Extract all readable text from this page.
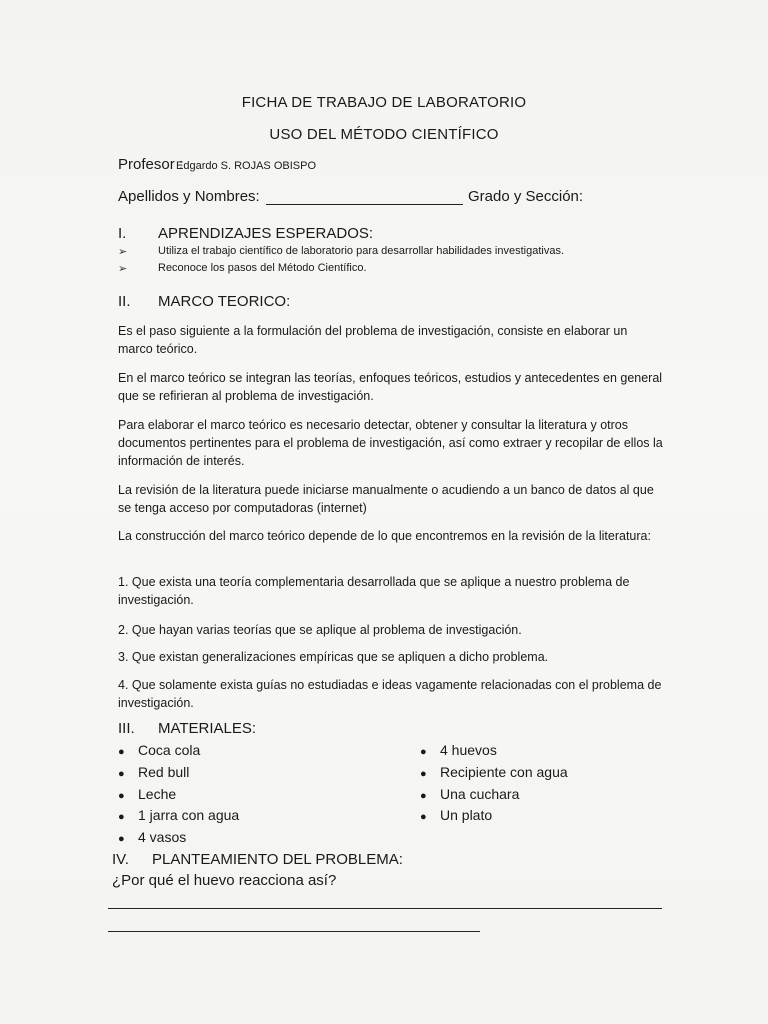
FICHA DE TRABAJO DE LABORATORIO
USO DEL MÉTODO CIENTÍFICO
Profesor :
Edgardo S. ROJAS OBISPO
Apellidos y Nombres:	Grado y Sección:
I. APRENDIZAJES ESPERADOS:
➢	Utiliza el trabajo científico de laboratorio para desarrollar habilidades investigativas.
➢	Reconoce los pasos del Método Científico.
II. MARCO TEORICO:
Es el paso siguiente a la formulación del problema de investigación, consiste en elaborar un marco teórico.
En el marco teórico se integran las teorías, enfoques teóricos, estudios y antecedentes en general que se refirieran al problema de investigación.
Para elaborar el marco teórico es necesario detectar, obtener y consultar la literatura y otros documentos pertinentes para el problema de investigación, así como extraer y recopilar de ellos la información de interés.
La revisión de la literatura puede iniciarse manualmente o acudiendo a un banco de datos al que se tenga acceso por computadoras (internet)
La construcción del marco teórico depende de lo que encontremos en la revisión de la literatura:
1. Que exista una teoría complementaria desarrollada que se aplique a nuestro problema de investigación.
2. Que hayan varias teorías que se aplique al problema de investigación.
3. Que existan generalizaciones empíricas que se apliquen a dicho problema.
4. Que solamente exista guías no estudiadas e ideas vagamente relacionadas con el problema de investigación.
III. MATERIALES:
● Coca cola
● Red bull
● Leche
● 1 jarra con agua
● 4 vasos
● 4 huevos
● Recipiente con agua
● Una cuchara
● Un plato
IV. PLANTEAMIENTO DEL PROBLEMA:
¿Por qué el huevo reacciona así?
